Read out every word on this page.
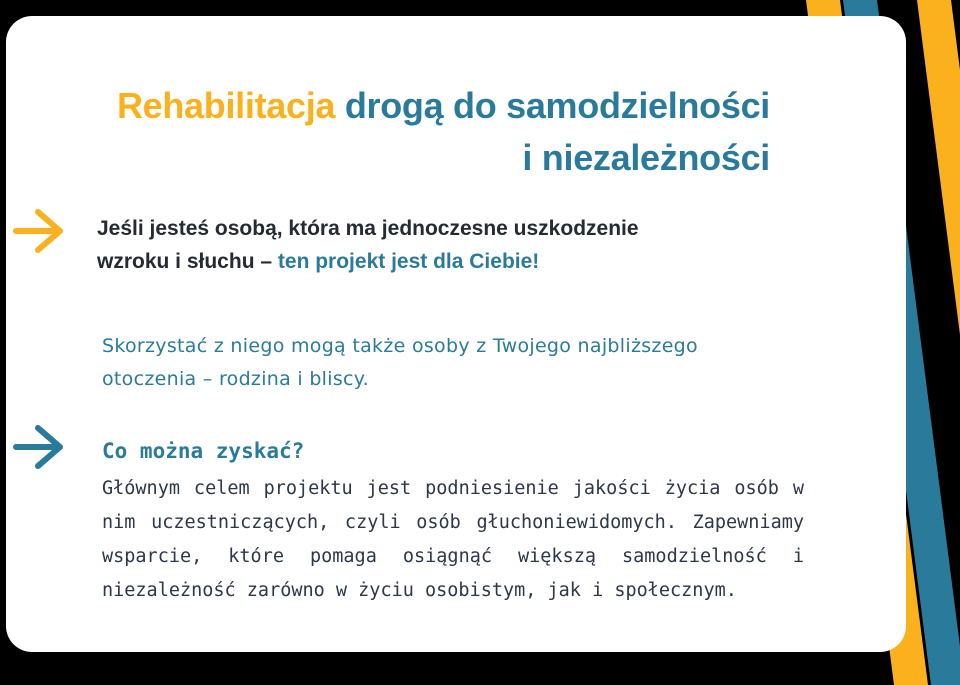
Rehabilitacja drogą do samodzielności
i niezależności

Jeśli jesteś osobą, która ma jednoczesne uszkodzenie
wzroku i słuchu – ten projekt jest dla Ciebie!

Skorzystać z niego mogą także osoby z Twojego najbliższego
otoczenia – rodzina i bliscy.

Co można zyskać?

Głównym celem projektu jest podniesienie jakości życia osób w nim uczestniczących, czyli osób głuchoniewidomych. Zapewniamy wsparcie, które pomaga osiągnąć większą samodzielność i niezależność zarówno w życiu osobistym, jak i społecznym.
